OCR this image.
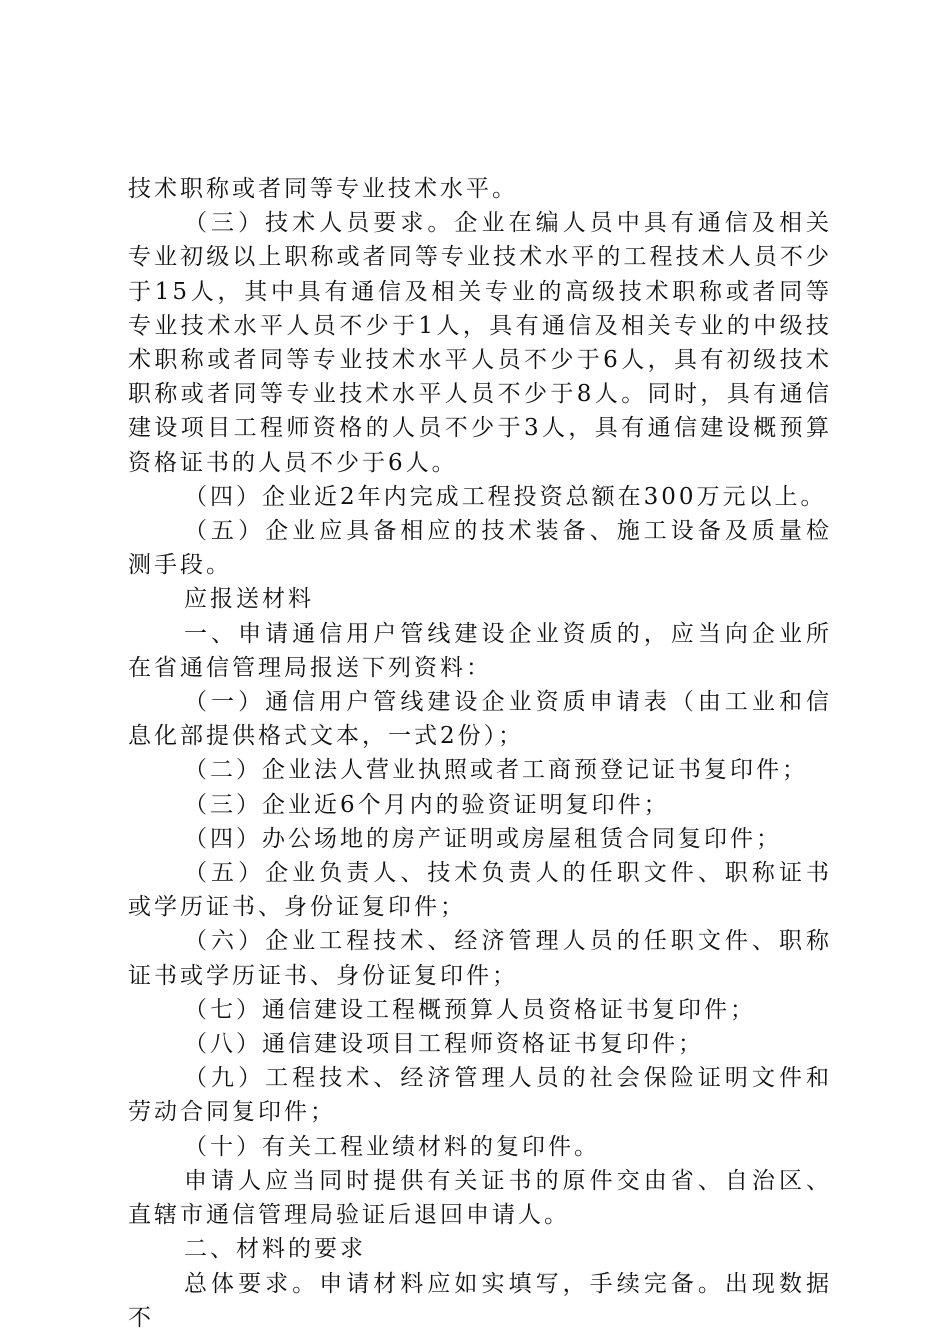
技术职称或者同等专业技术水平。

（三）技术人员要求。企业在编人员中具有通信及相关专业初级以上职称或者同等专业技术水平的工程技术人员不少于15人，其中具有通信及相关专业的高级技术职称或者同等专业技术水平人员不少于1人，具有通信及相关专业的中级技术职称或者同等专业技术水平人员不少于6人，具有初级技术职称或者同等专业技术水平人员不少于8人。同时，具有通信建设项目工程师资格的人员不少于3人，具有通信建设概预算资格证书的人员不少于6人。

（四）企业近2年内完成工程投资总额在300万元以上。

（五）企业应具备相应的技术装备、施工设备及质量检测手段。

应报送材料

一、申请通信用户管线建设企业资质的，应当向企业所在省通信管理局报送下列资料：

（一）通信用户管线建设企业资质申请表（由工业和信息化部提供格式文本，一式2份）；

（二）企业法人营业执照或者工商预登记证书复印件；

（三）企业近6个月内的验资证明复印件；

（四）办公场地的房产证明或房屋租赁合同复印件；

（五）企业负责人、技术负责人的任职文件、职称证书或学历证书、身份证复印件；

（六）企业工程技术、经济管理人员的任职文件、职称证书或学历证书、身份证复印件；

（七）通信建设工程概预算人员资格证书复印件；

（八）通信建设项目工程师资格证书复印件；

（九）工程技术、经济管理人员的社会保险证明文件和劳动合同复印件；

（十）有关工程业绩材料的复印件。

申请人应当同时提供有关证书的原件交由省、自治区、直辖市通信管理局验证后退回申请人。

二、材料的要求

总体要求。申请材料应如实填写，手续完备。出现数据不
